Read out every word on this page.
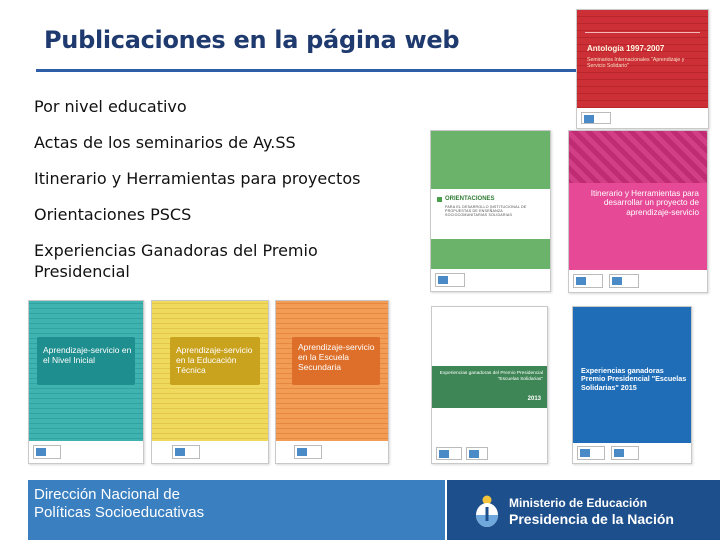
Publicaciones en la página web
Por nivel educativo
Actas de los seminarios de Ay.SS
Itinerario y Herramientas para proyectos
Orientaciones PSCS
Experiencias Ganadoras del Premio Presidencial
Antología 1997-2007
Seminarios Internacionales "Aprendizaje y Servicio Solidario"
Itinerario y Herramientas para desarrollar un proyecto de aprendizaje-servicio
ORIENTACIONES
PARA EL DESARROLLO INSTITUCIONAL DE PROPUESTAS DE ENSEÑANZA SOCIOCOMUNITARIAS SOLIDARIAS
Experiencias ganadoras del Premio Presidencial "Escuelas Solidarias"
2013
Experiencias ganadoras Premio Presidencial "Escuelas Solidarias" 2015
Aprendizaje-servicio en el Nivel Inicial
Aprendizaje-servicio en la Educación Técnica
Aprendizaje-servicio en la Escuela Secundaria
Dirección Nacional de Políticas Socioeducativas
Ministerio de Educación
Presidencia de la Nación
